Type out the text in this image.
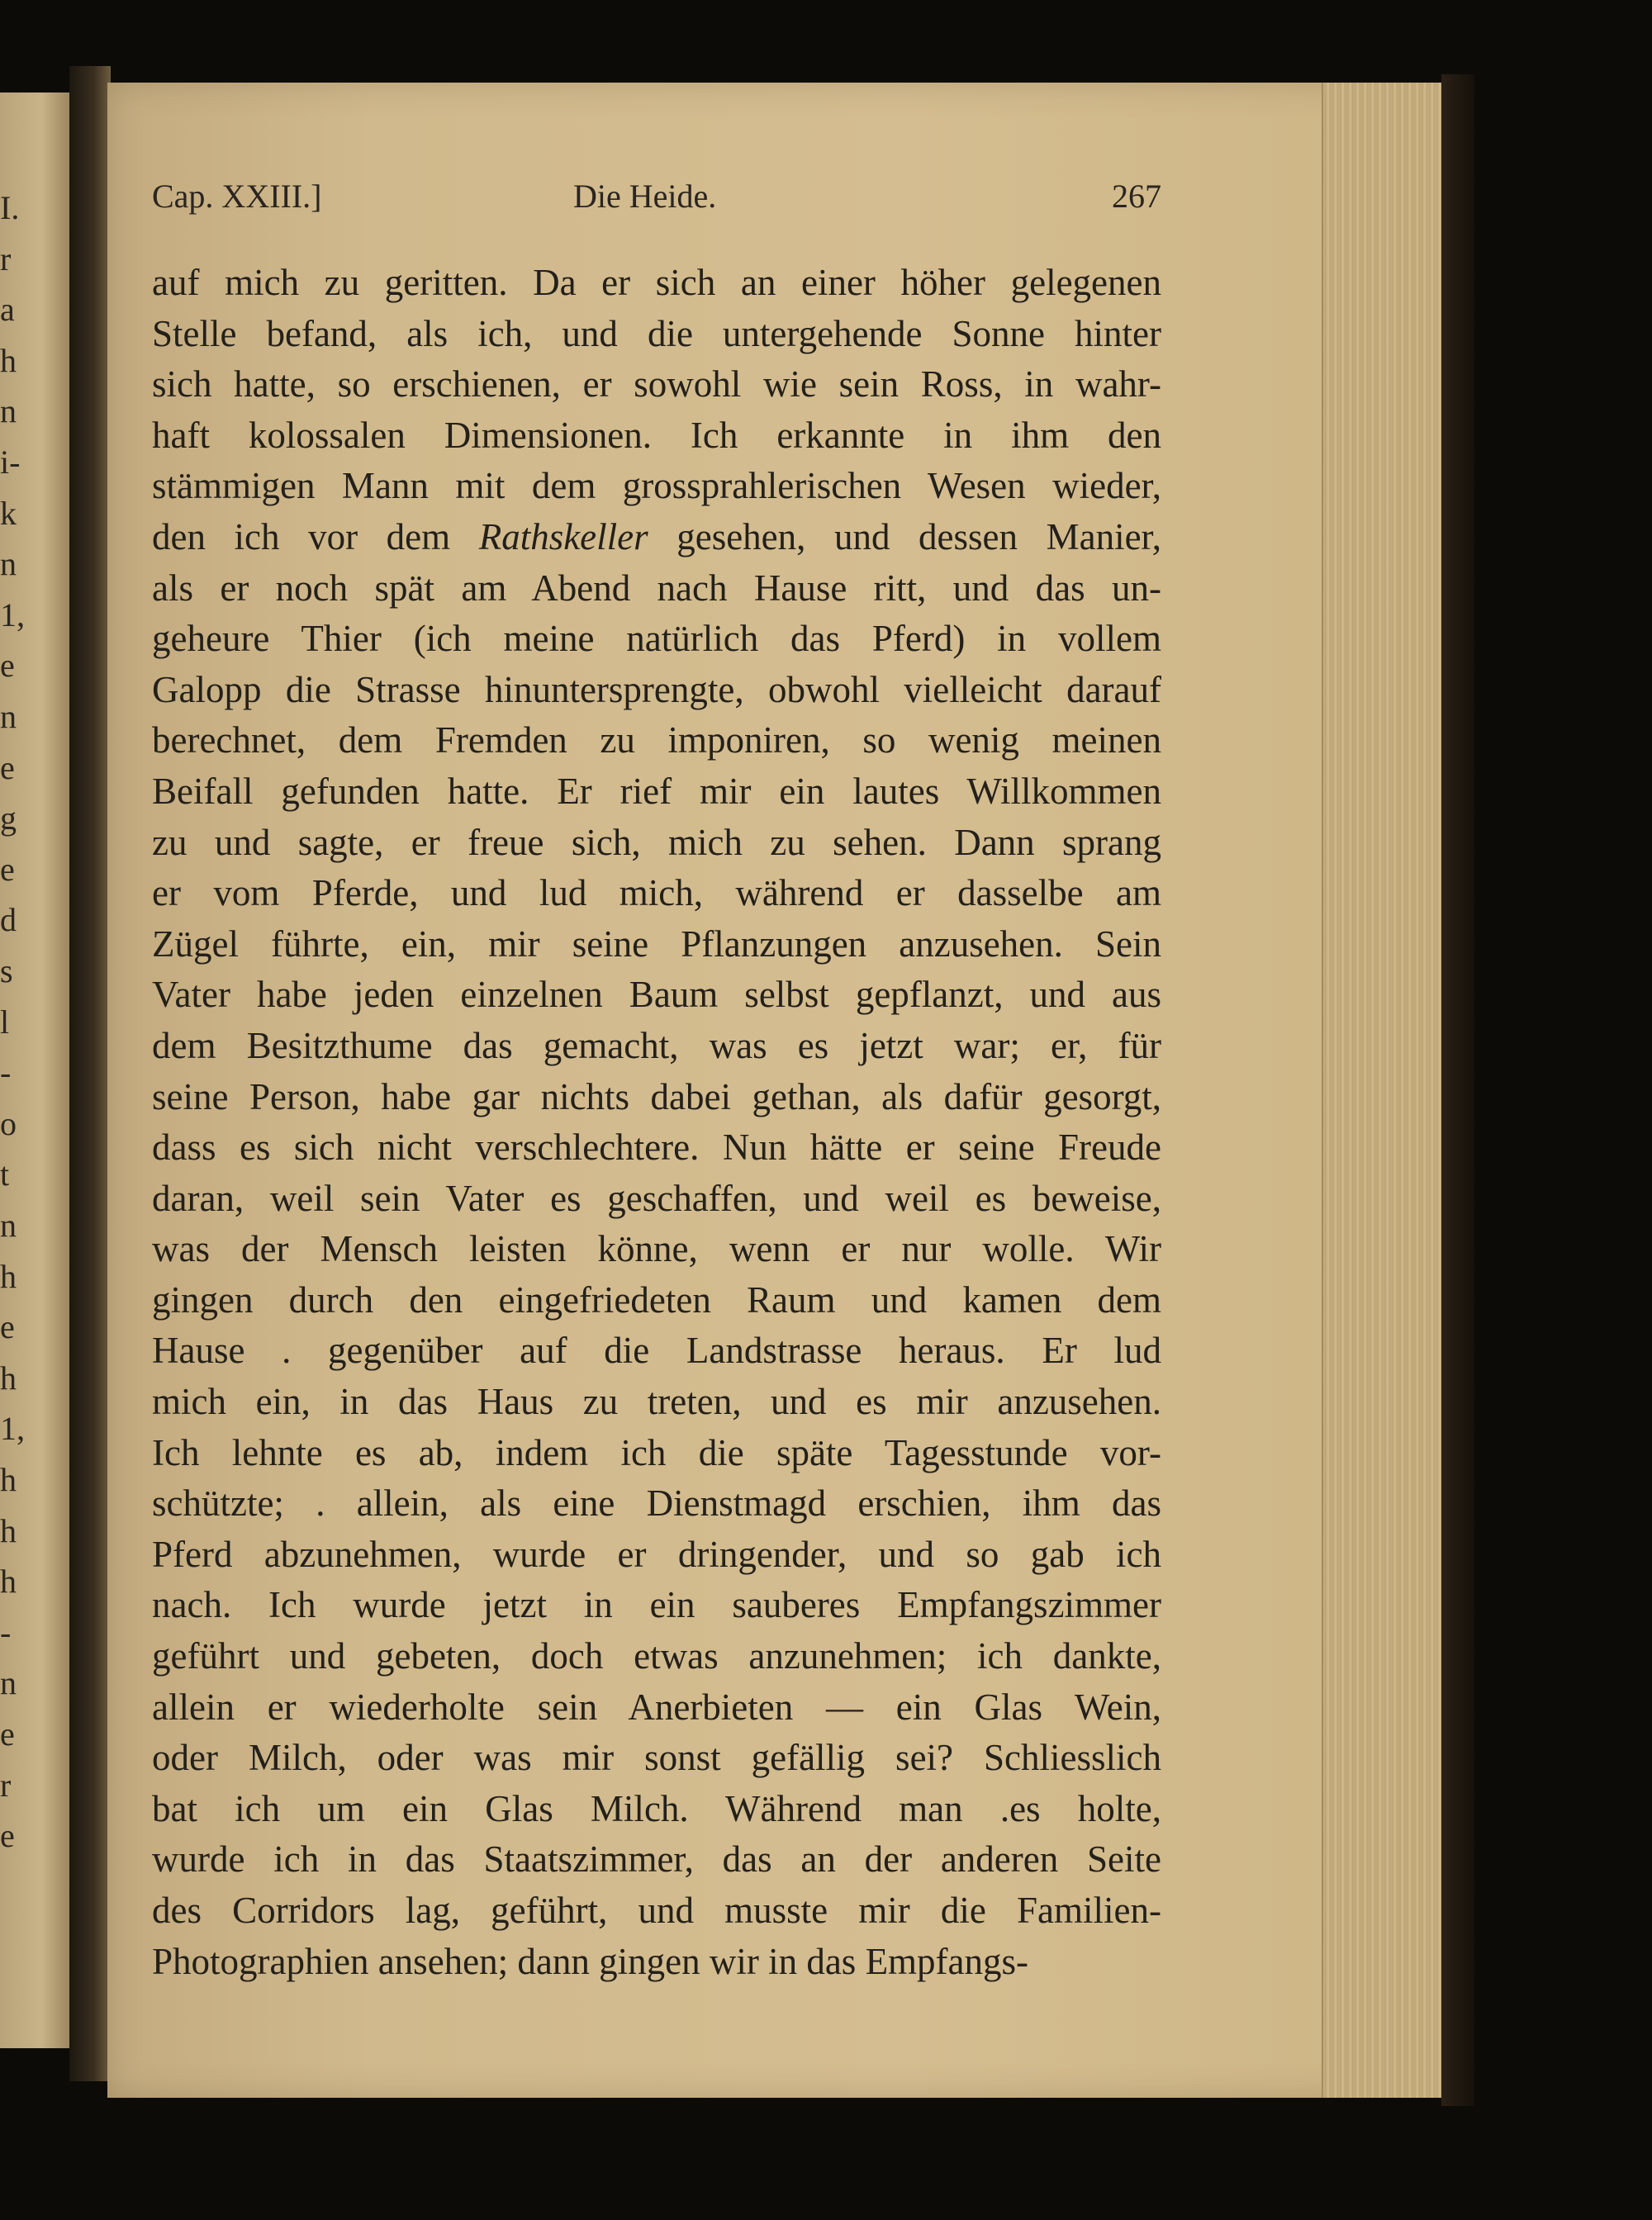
I.
r
a
h
n
i-
k
n
1,
e
n
e
g
e
d
s
l
-
o
t
n
h
e
h
1,
h
h
h
-
n
e
r
e
Cap. XXIII.]	Die Heide.	267
auf mich zu geritten. Da er sich an einer höher gelegenen
Stelle befand, als ich, und die untergehende Sonne hinter
sich hatte, so erschienen, er sowohl wie sein Ross, in wahr-
haft kolossalen Dimensionen. Ich erkannte in ihm den
stämmigen Mann mit dem grossprahlerischen Wesen wieder,
den ich vor dem Rathskeller gesehen, und dessen Manier,
als er noch spät am Abend nach Hause ritt, und das un-
geheure Thier (ich meine natürlich das Pferd) in vollem
Galopp die Strasse hinuntersprengte, obwohl vielleicht darauf
berechnet, dem Fremden zu imponiren, so wenig meinen
Beifall gefunden hatte. Er rief mir ein lautes Willkommen
zu und sagte, er freue sich, mich zu sehen. Dann sprang
er vom Pferde, und lud mich, während er dasselbe am
Zügel führte, ein, mir seine Pflanzungen anzusehen. Sein
Vater habe jeden einzelnen Baum selbst gepflanzt, und aus
dem Besitzthume das gemacht, was es jetzt war; er, für
seine Person, habe gar nichts dabei gethan, als dafür gesorgt,
dass es sich nicht verschlechtere. Nun hätte er seine Freude
daran, weil sein Vater es geschaffen, und weil es beweise,
was der Mensch leisten könne, wenn er nur wolle. Wir
gingen durch den eingefriedeten Raum und kamen dem
Hause . gegenüber auf die Landstrasse heraus. Er lud
mich ein, in das Haus zu treten, und es mir anzusehen.
Ich lehnte es ab, indem ich die späte Tagesstunde vor-
schützte; . allein, als eine Dienstmagd erschien, ihm das
Pferd abzunehmen, wurde er dringender, und so gab ich
nach. Ich wurde jetzt in ein sauberes Empfangszimmer
geführt und gebeten, doch etwas anzunehmen; ich dankte,
allein er wiederholte sein Anerbieten — ein Glas Wein,
oder Milch, oder was mir sonst gefällig sei? Schliesslich
bat ich um ein Glas Milch. Während man .es holte,
wurde ich in das Staatszimmer, das an der anderen Seite
des Corridors lag, geführt, und musste mir die Familien-
Photographien ansehen; dann gingen wir in das Empfangs-
